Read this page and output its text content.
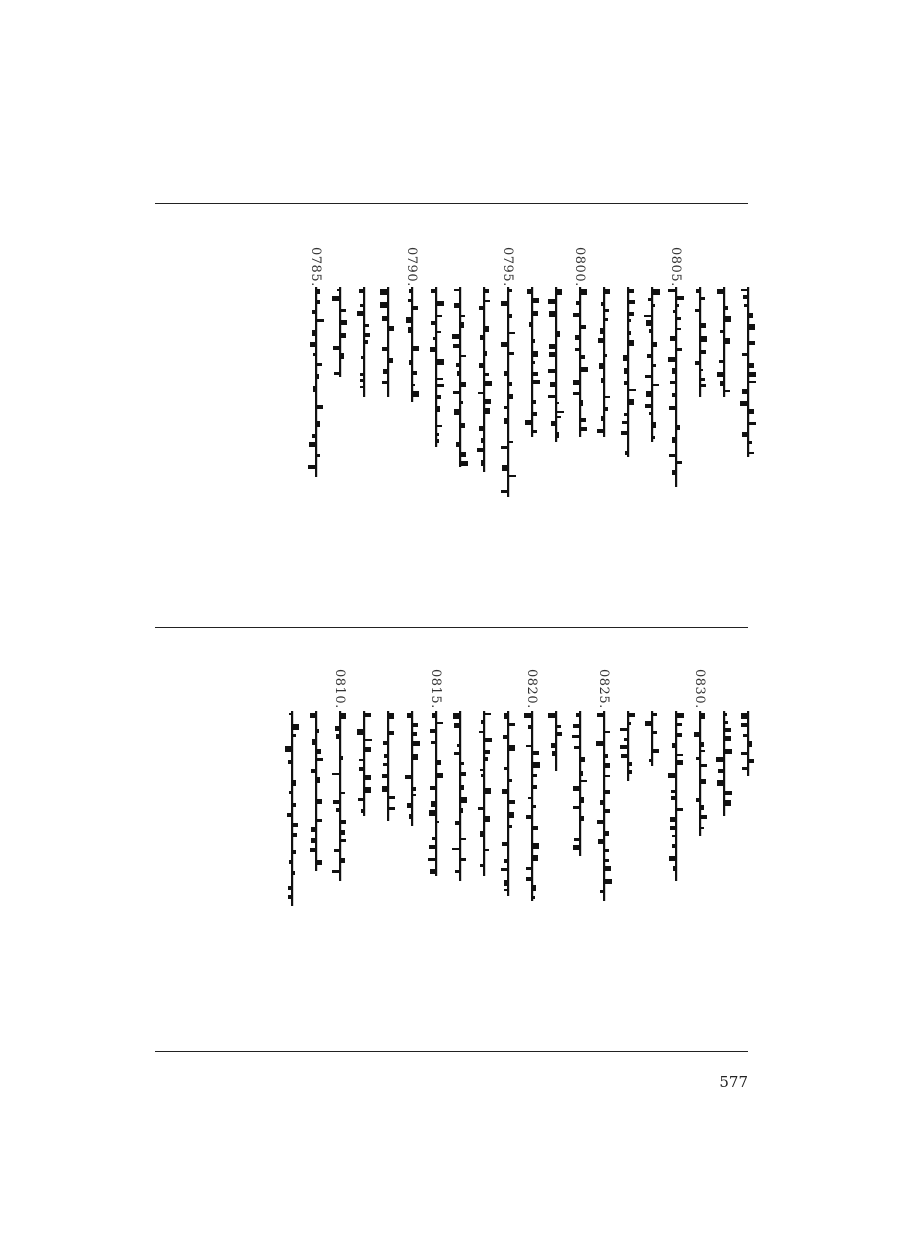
0805.
0800.
0795.
0790.
0785.
0830.
0825.
0820.
0815.
0810.
577
